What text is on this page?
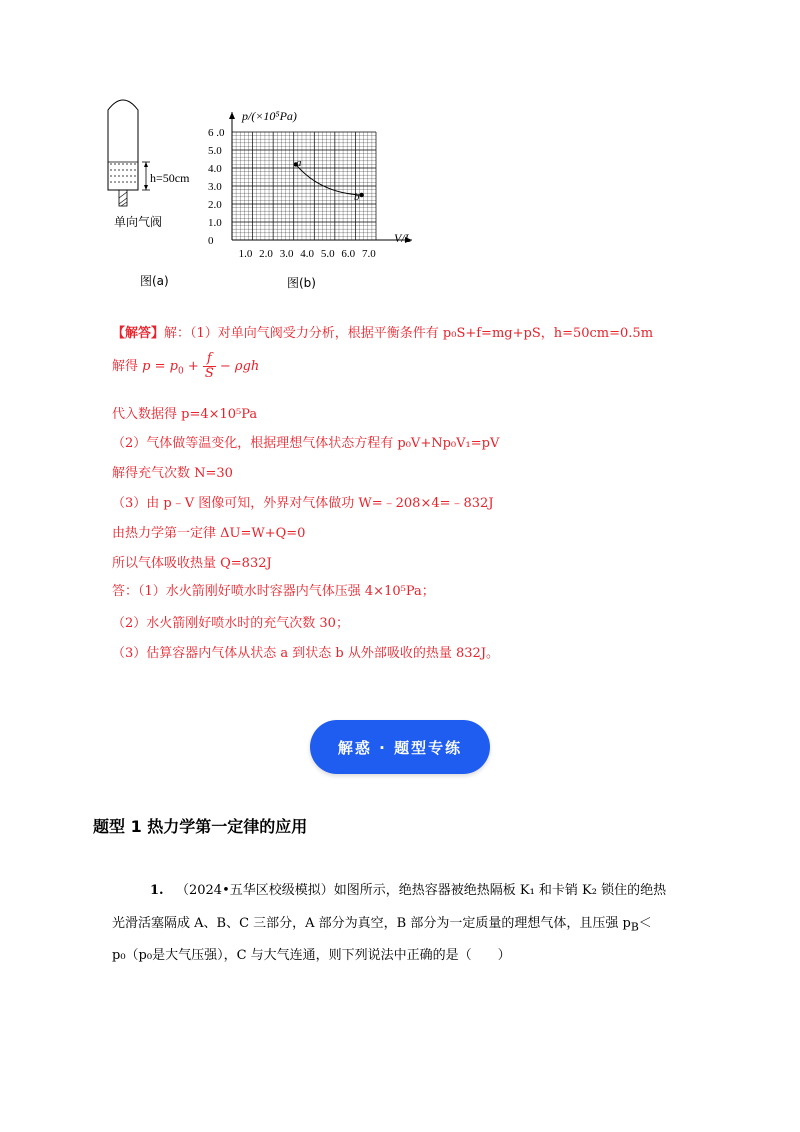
h=50cm
单向气阀
图(a)
6 .0
5.0
4.0
3.0
2.0
1.0
0
1.0 2.0 3.0 4.0 5.0 6.0 7.0
p/(×10⁵Pa)
V/L
a
b
图(b)
【解答】解：（1）对单向气阀受力分析，根据平衡条件有 p₀S+f=mg+pS，h=50cm=0.5m
解得 $p = p_0 + \frac{f}{S} - \rho gh$
代入数据得 p=4×10⁵Pa
（2）气体做等温变化，根据理想气体状态方程有 p₀V+Np₀V₁=pV
解得充气次数 N=30
（3）由 p﹣V 图像可知，外界对气体做功 W=﹣208×4=﹣832J
由热力学第一定律 ΔU=W+Q=0
所以气体吸收热量 Q=832J
答：（1）水火箭刚好喷水时容器内气体压强 4×10⁵Pa；
（2）水火箭刚好喷水时的充气次数 30；
（3）估算容器内气体从状态 a 到状态 b 从外部吸收的热量 832J。
解惑 · 题型专练
题型 1 热力学第一定律的应用
1. （2024•五华区校级模拟）如图所示，绝热容器被绝热隔板 K₁ 和卡销 K₂ 锁住的绝热
光滑活塞隔成 A、B、C 三部分，A 部分为真空，B 部分为一定质量的理想气体，且压强 $p_B<$
p₀（p₀是大气压强），C 与大气连通，则下列说法中正确的是（　　）
